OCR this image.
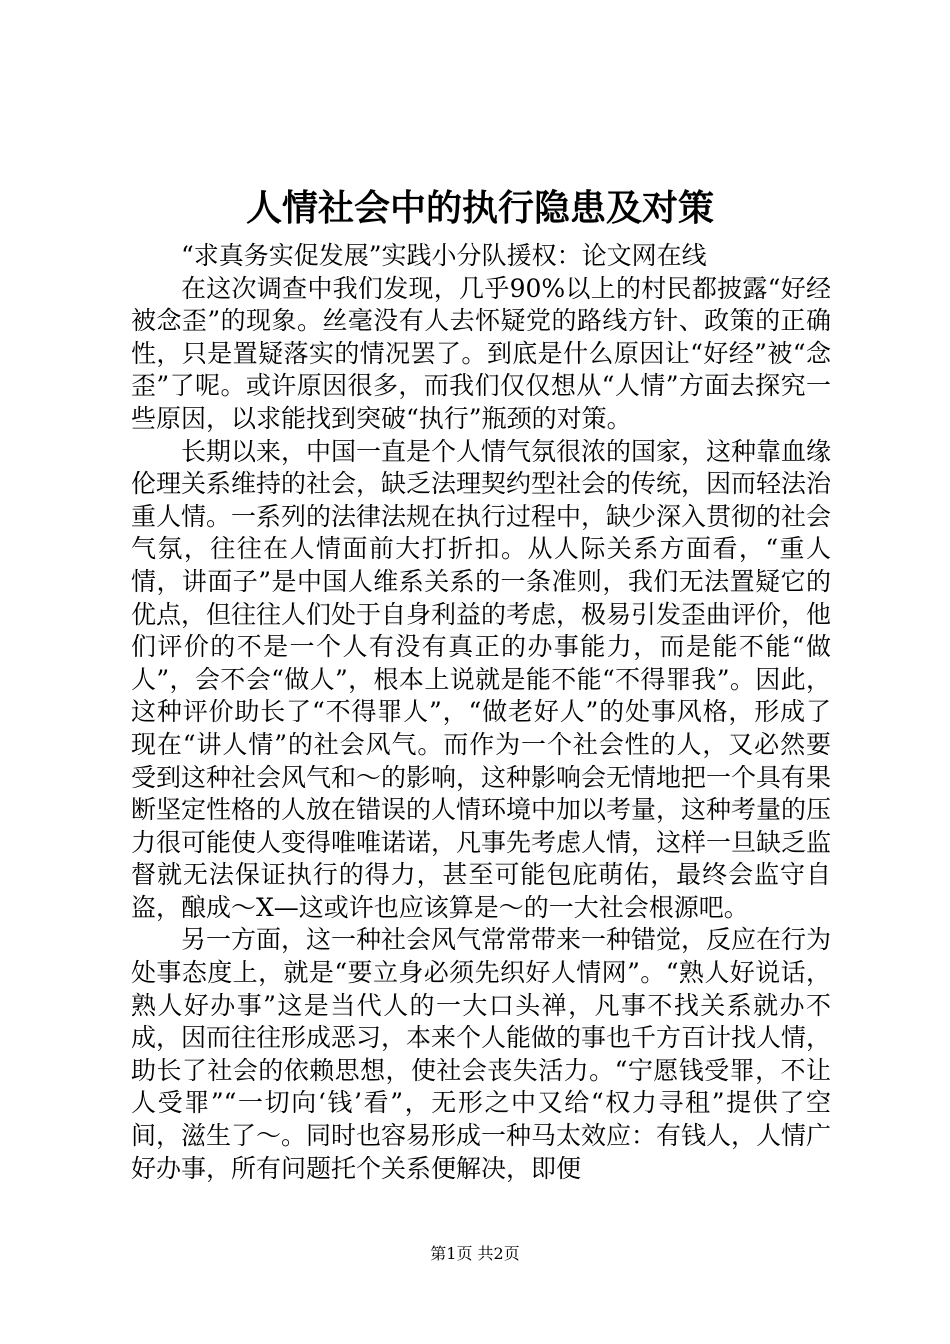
人情社会中的执行隐患及对策

“求真务实促发展”实践小分队援权：论文网在线

在这次调查中我们发现，几乎90%以上的村民都披露“好经被念歪”的现象。丝毫没有人去怀疑党的路线方针、政策的正确性，只是置疑落实的情况罢了。到底是什么原因让“好经”被“念歪”了呢。或许原因很多，而我们仅仅想从“人情”方面去探究一些原因，以求能找到突破“执行”瓶颈的对策。

长期以来，中国一直是个人情气氛很浓的国家，这种靠血缘伦理关系维持的社会，缺乏法理契约型社会的传统，因而轻法治重人情。一系列的法律法规在执行过程中，缺少深入贯彻的社会气氛，往往在人情面前大打折扣。从人际关系方面看，“重人情，讲面子”是中国人维系关系的一条准则，我们无法置疑它的优点，但往往人们处于自身利益的考虑，极易引发歪曲评价，他们评价的不是一个人有没有真正的办事能力，而是能不能“做人”，会不会“做人”，根本上说就是能不能“不得罪我”。因此，这种评价助长了“不得罪人”，“做老好人”的处事风格，形成了现在“讲人情”的社会风气。而作为一个社会性的人，又必然要受到这种社会风气和～的影响，这种影响会无情地把一个具有果断坚定性格的人放在错误的人情环境中加以考量，这种考量的压力很可能使人变得唯唯诺诺，凡事先考虑人情，这样一旦缺乏监督就无法保证执行的得力，甚至可能包庇萌佑，最终会监守自盗，酿成～X—这或许也应该算是～的一大社会根源吧。

另一方面，这一种社会风气常常带来一种错觉，反应在行为处事态度上，就是“要立身必须先织好人情网”。“熟人好说话，熟人好办事”这是当代人的一大口头禅，凡事不找关系就办不成，因而往往形成恶习，本来个人能做的事也千方百计找人情，助长了社会的依赖思想，使社会丧失活力。“宁愿钱受罪，不让人受罪”“一切向‘钱’看”，无形之中又给“权力寻租”提供了空间，滋生了～。同时也容易形成一种马太效应：有钱人，人情广好办事，所有问题托个关系便解决，即便

第1页 共2页
